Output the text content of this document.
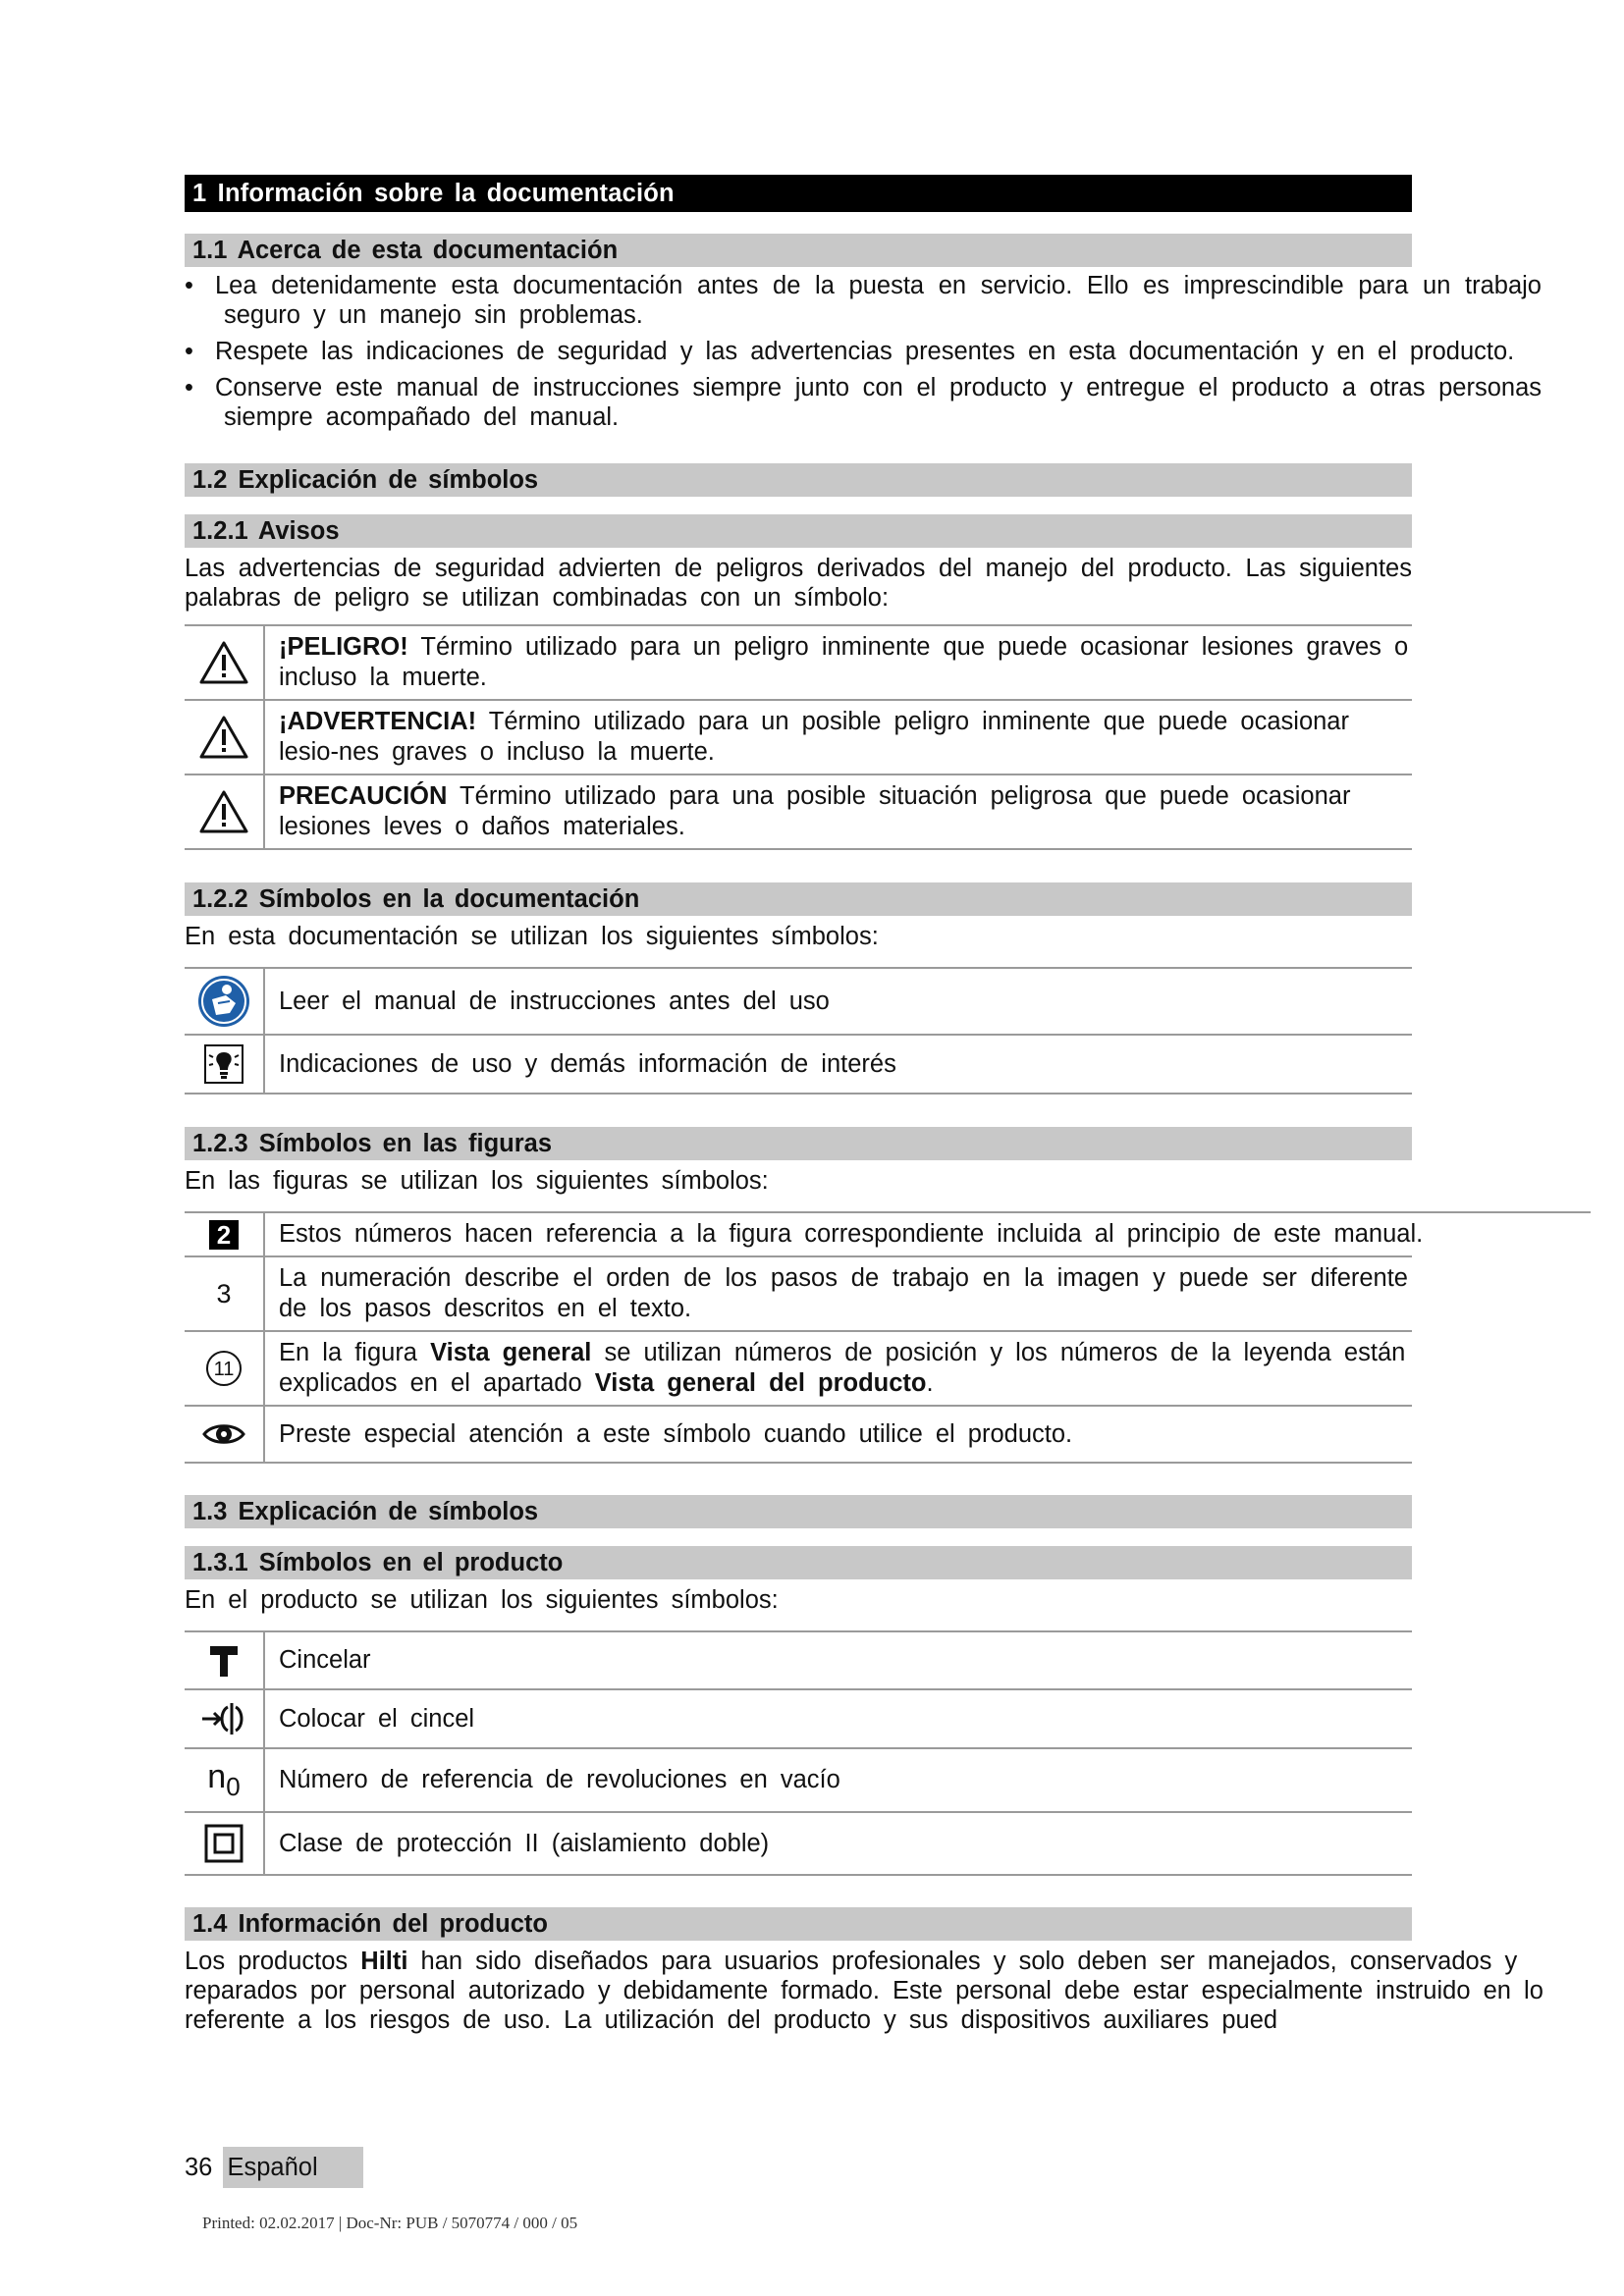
1 Información sobre la documentación
1.1 Acerca de esta documentación
• Lea detenidamente esta documentación antes de la puesta en servicio. Ello es imprescindible para un trabajo seguro y un manejo sin problemas.
• Respete las indicaciones de seguridad y las advertencias presentes en esta documentación y en el producto.
• Conserve este manual de instrucciones siempre junto con el producto y entregue el producto a otras personas siempre acompañado del manual.
1.2 Explicación de símbolos
1.2.1 Avisos

Las advertencias de seguridad advierten de peligros derivados del manejo del producto. Las siguientes palabras de peligro se utilizan combinadas con un símbolo:

¡PELIGRO! Término utilizado para un peligro inminente que puede ocasionar lesiones graves o incluso la muerte.
¡ADVERTENCIA! Término utilizado para un posible peligro inminente que puede ocasionar lesio-nes graves o incluso la muerte.
PRECAUCIÓN Término utilizado para una posible situación peligrosa que puede ocasionar lesiones leves o daños materiales.
1.2.2 Símbolos en la documentación

En esta documentación se utilizan los siguientes símbolos:

Leer el manual de instrucciones antes del uso
Indicaciones de uso y demás información de interés
1.2.3 Símbolos en las figuras

En las figuras se utilizan los siguientes símbolos:

2	Estos números hacen referencia a la figura correspondiente incluida al principio de este manual.
3
La numeración describe el orden de los pasos de trabajo en la imagen y puede ser diferente de los pasos descritos en el texto.
11
En la figura Vista general se utilizan números de posición y los números de la leyenda están explicados en el apartado Vista general del producto.
Preste especial atención a este símbolo cuando utilice el producto.
1.3 Explicación de símbolos
1.3.1 Símbolos en el producto

En el producto se utilizan los siguientes símbolos:

Cincelar
Colocar el cincel
$n_0$	Número de referencia de revoluciones en vacío
Clase de protección II (aislamiento doble)
1.4 Información del producto

Los productos Hilti han sido diseñados para usuarios profesionales y solo deben ser manejados, conservados y reparados por personal autorizado y debidamente formado. Este personal debe estar especialmente instruido en lo referente a los riesgos de uso. La utilización del producto y sus dispositivos auxiliares pued

36 Español
Printed: 02.02.2017 | Doc-Nr: PUB / 5070774 / 000 / 05
